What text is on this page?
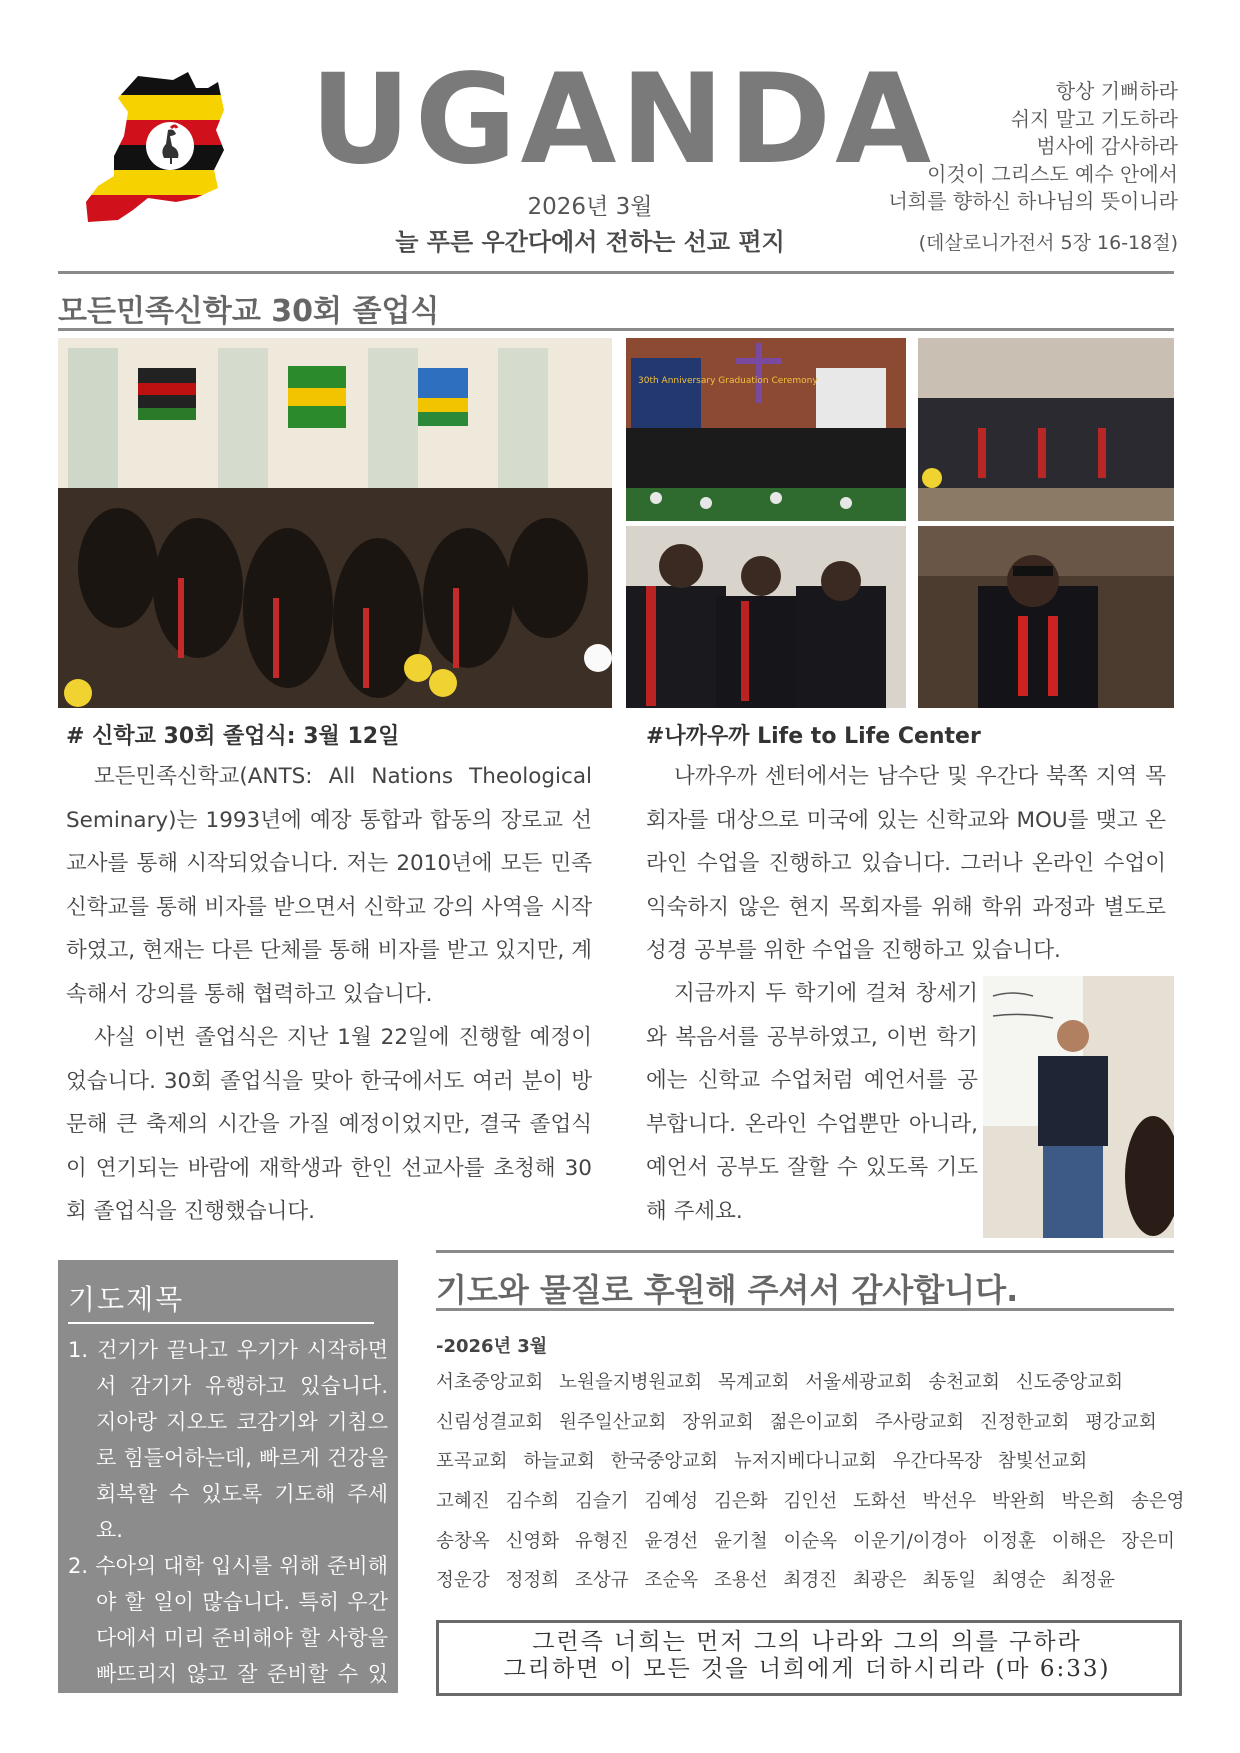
UGANDA
2026년 3월
늘 푸른 우간다에서 전하는 선교 편지
항상 기뻐하라
쉬지 말고 기도하라
범사에 감사하라
이것이 그리스도 예수 안에서
너희를 향하신 하나님의 뜻이니라
(데살로니가전서 5장 16-18절)
모든민족신학교 30회 졸업식
30th Anniversary Graduation Ceremony
# 신학교 30회 졸업식: 3월 12일

모든민족신학교(ANTS: All Nations Theological Seminary)는 1993년에 예장 통합과 합동의 장로교 선교사를 통해 시작되었습니다. 저는 2010년에 모든 민족신학교를 통해 비자를 받으면서 신학교 강의 사역을 시작하였고, 현재는 다른 단체를 통해 비자를 받고 있지만, 계속해서 강의를 통해 협력하고 있습니다.

사실 이번 졸업식은 지난 1월 22일에 진행할 예정이었습니다. 30회 졸업식을 맞아 한국에서도 여러 분이 방문해 큰 축제의 시간을 가질 예정이었지만, 결국 졸업식이 연기되는 바람에 재학생과 한인 선교사를 초청해 30회 졸업식을 진행했습니다.

#나까우까 Life to Life Center

나까우까 센터에서는 남수단 및 우간다 북쪽 지역 목회자를 대상으로 미국에 있는 신학교와 MOU를 맺고 온라인 수업을 진행하고 있습니다. 그러나 온라인 수업이 익숙하지 않은 현지 목회자를 위해 학위 과정과 별도로 성경 공부를 위한 수업을 진행하고 있습니다.

지금까지 두 학기에 걸쳐 창세기와 복음서를 공부하였고, 이번 학기에는 신학교 수업처럼 예언서를 공부합니다. 온라인 수업뿐만 아니라, 예언서 공부도 잘할 수 있도록 기도해 주세요.

기도제목
1. 건기가 끝나고 우기가 시작하면서 감기가 유행하고 있습니다. 지아랑 지오도 코감기와 기침으로 힘들어하는데, 빠르게 건강을 회복할 수 있도록 기도해 주세요.
2. 수아의 대학 입시를 위해 준비해야 할 일이 많습니다. 특히 우간다에서 미리 준비해야 할 사항을 빠뜨리지 않고 잘 준비할 수 있도록 기도해 주세요.
기도와 물질로 후원해 주셔서 감사합니다.
-2026년 3월
서초중앙교회 노원을지병원교회 목계교회 서울세광교회 송천교회 신도중앙교회
신림성결교회 원주일산교회 장위교회 젊은이교회 주사랑교회 진정한교회 평강교회
포곡교회 하늘교회 한국중앙교회 뉴저지베다니교회 우간다목장 참빛선교회
고혜진 김수희 김슬기 김예성 김은화 김인선 도화선 박선우 박완희 박은희 송은영
송창옥 신영화 유형진 윤경선 윤기철 이순옥 이운기/이경아 이정훈 이해은 장은미
정운강 정정희 조상규 조순옥 조용선 최경진 최광은 최동일 최영순 최정윤
그런즉 너희는 먼저 그의 나라와 그의 의를 구하라
그리하면 이 모든 것을 너희에게 더하시리라 (마 6:33)
